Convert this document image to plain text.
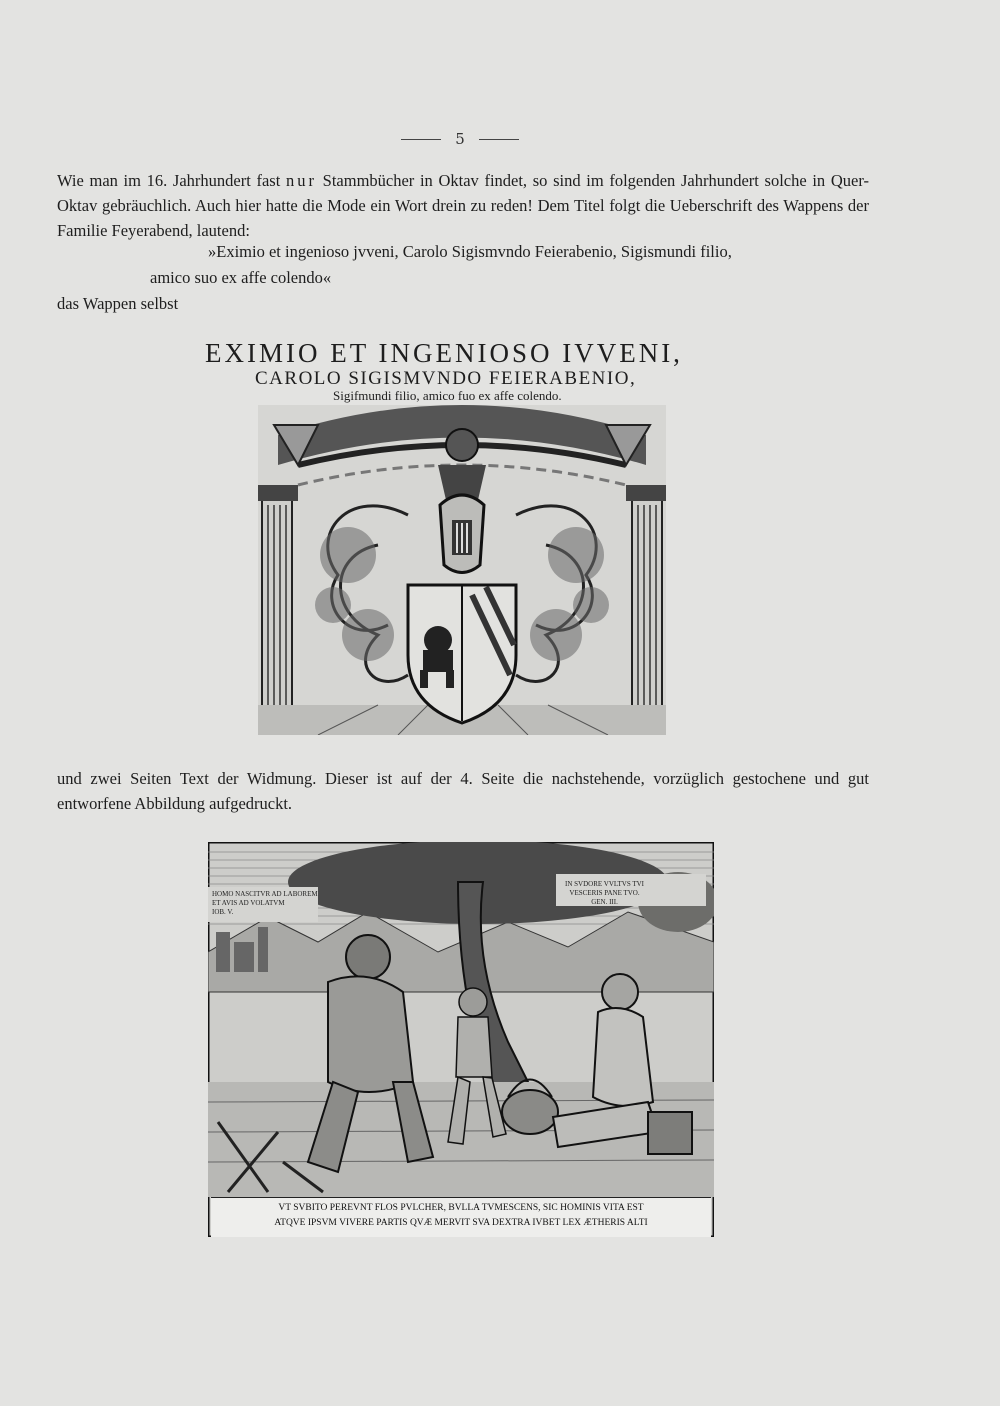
5
Wie man im 16. Jahrhundert fast nur Stammbücher in Oktav findet, so sind im folgenden Jahrhundert solche in Quer-Oktav gebräuchlich. Auch hier hatte die Mode ein Wort drein zu reden! Dem Titel folgt die Ueberschrift des Wappens der Familie Feyerabend, lautend:
»Eximio et ingenioso jvveni, Carolo Sigismvndo Feierabenio, Sigismundi filio,
amico suo ex affe colendo«
das Wappen selbst
EXIMIO ET INGENIOSO IVVENI,
CAROLO SIGISMVNDO FEIERABENIO,
Sigifmundi filio, amico fuo ex affe colendo.
und zwei Seiten Text der Widmung. Dieser ist auf der 4. Seite die nachstehende, vorzüglich gestochene und gut entworfene Abbildung aufgedruckt.
HOMO NASCITVR AD LABOREM
ET AVIS AD VOLATVM
IOB. V.
IN SVDORE VVLTVS TVI
VESCERIS PANE TVO.
GEN. III.
VT SVBITO PEREVNT FLOS PVLCHER, BVLLA TVMESCENS, SIC HOMINIS VITA EST
ATQVE IPSVM VIVERE PARTIS QVÆ MERVIT SVA DEXTRA IVBET LEX ÆTHERIS ALTI
